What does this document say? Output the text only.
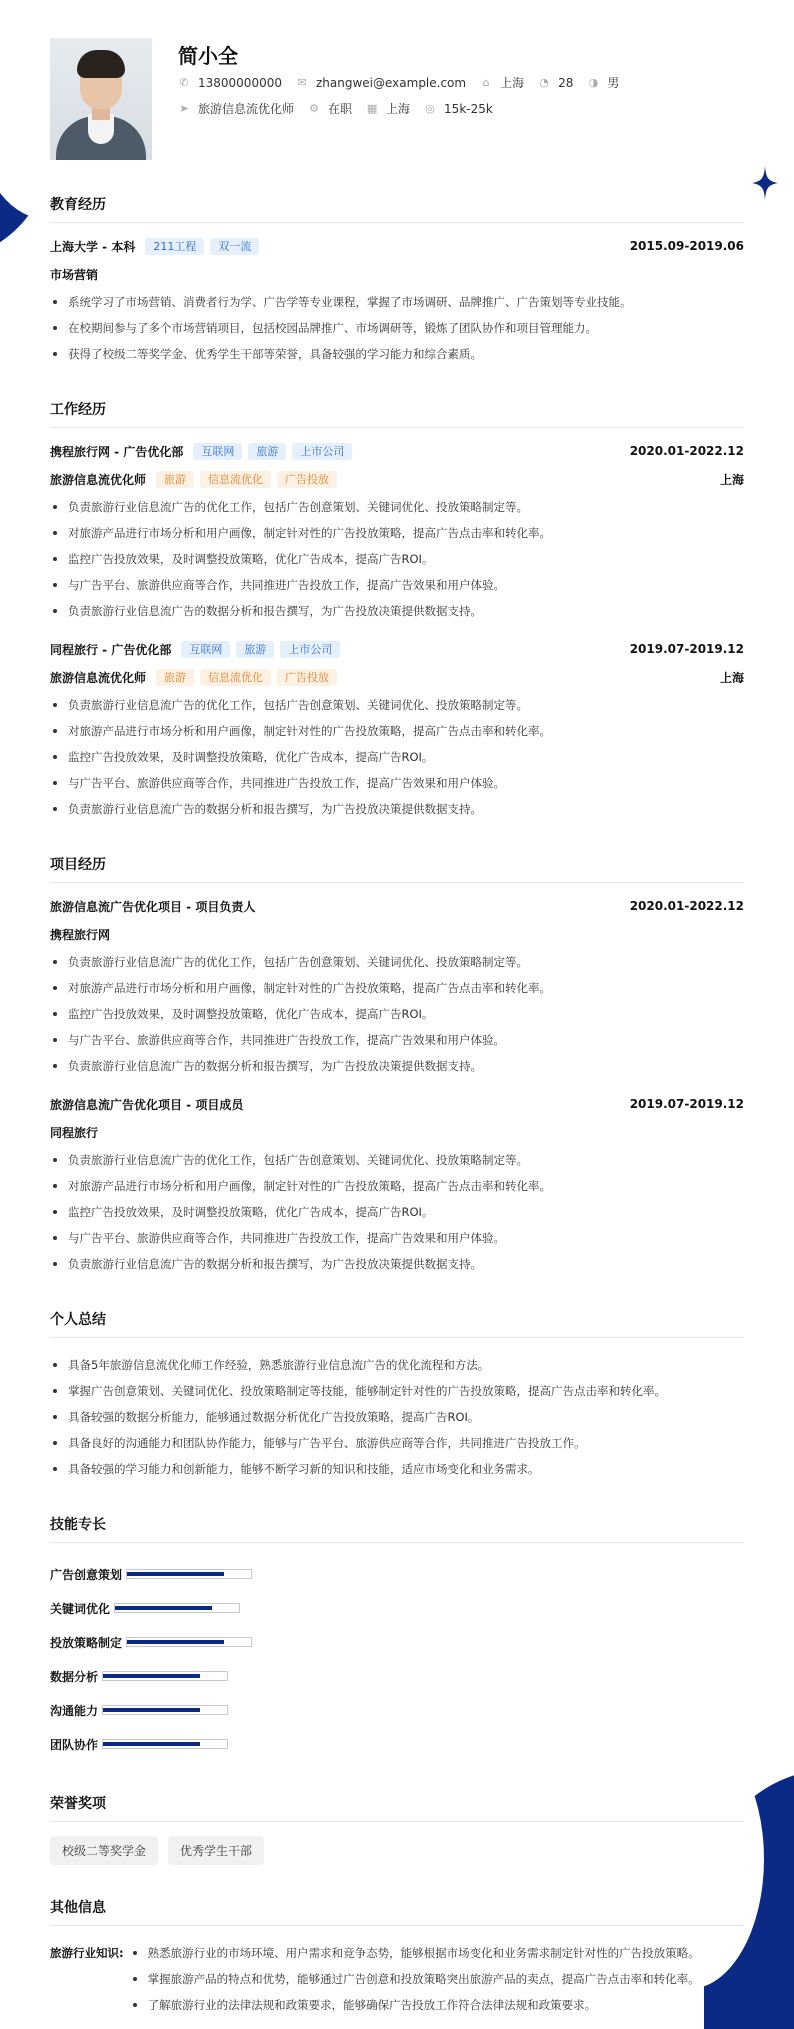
简小全
✆ 13800000000 ✉ zhangwei@example.com ⌂ 上海 ◔ 28 ◑ 男
➤ 旅游信息流优化师 ⚙ 在职 ▦ 上海 ◎ 15k-25k
教育经历
上海大学 - 本科	211工程	双一流	2015.09-2019.06
市场营销
系统学习了市场营销、消费者行为学、广告学等专业课程，掌握了市场调研、品牌推广、广告策划等专业技能。
在校期间参与了多个市场营销项目，包括校园品牌推广、市场调研等，锻炼了团队协作和项目管理能力。
获得了校级二等奖学金、优秀学生干部等荣誉，具备较强的学习能力和综合素质。
工作经历
携程旅行网 - 广告优化部	互联网	旅游	上市公司	2020.01-2022.12
旅游信息流优化师	旅游	信息流优化	广告投放	上海
负责旅游行业信息流广告的优化工作，包括广告创意策划、关键词优化、投放策略制定等。
对旅游产品进行市场分析和用户画像，制定针对性的广告投放策略，提高广告点击率和转化率。
监控广告投放效果，及时调整投放策略，优化广告成本，提高广告ROI。
与广告平台、旅游供应商等合作，共同推进广告投放工作，提高广告效果和用户体验。
负责旅游行业信息流广告的数据分析和报告撰写，为广告投放决策提供数据支持。
同程旅行 - 广告优化部	互联网	旅游	上市公司	2019.07-2019.12
旅游信息流优化师	旅游	信息流优化	广告投放	上海
负责旅游行业信息流广告的优化工作，包括广告创意策划、关键词优化、投放策略制定等。
对旅游产品进行市场分析和用户画像，制定针对性的广告投放策略，提高广告点击率和转化率。
监控广告投放效果，及时调整投放策略，优化广告成本，提高广告ROI。
与广告平台、旅游供应商等合作，共同推进广告投放工作，提高广告效果和用户体验。
负责旅游行业信息流广告的数据分析和报告撰写，为广告投放决策提供数据支持。
项目经历
旅游信息流广告优化项目 - 项目负责人	2020.01-2022.12
携程旅行网
负责旅游行业信息流广告的优化工作，包括广告创意策划、关键词优化、投放策略制定等。
对旅游产品进行市场分析和用户画像，制定针对性的广告投放策略，提高广告点击率和转化率。
监控广告投放效果，及时调整投放策略，优化广告成本，提高广告ROI。
与广告平台、旅游供应商等合作，共同推进广告投放工作，提高广告效果和用户体验。
负责旅游行业信息流广告的数据分析和报告撰写，为广告投放决策提供数据支持。
旅游信息流广告优化项目 - 项目成员	2019.07-2019.12
同程旅行
负责旅游行业信息流广告的优化工作，包括广告创意策划、关键词优化、投放策略制定等。
对旅游产品进行市场分析和用户画像，制定针对性的广告投放策略，提高广告点击率和转化率。
监控广告投放效果，及时调整投放策略，优化广告成本，提高广告ROI。
与广告平台、旅游供应商等合作，共同推进广告投放工作，提高广告效果和用户体验。
负责旅游行业信息流广告的数据分析和报告撰写，为广告投放决策提供数据支持。
个人总结
具备5年旅游信息流优化师工作经验，熟悉旅游行业信息流广告的优化流程和方法。
掌握广告创意策划、关键词优化、投放策略制定等技能，能够制定针对性的广告投放策略，提高广告点击率和转化率。
具备较强的数据分析能力，能够通过数据分析优化广告投放策略，提高广告ROI。
具备良好的沟通能力和团队协作能力，能够与广告平台、旅游供应商等合作，共同推进广告投放工作。
具备较强的学习能力和创新能力，能够不断学习新的知识和技能，适应市场变化和业务需求。
技能专长
广告创意策划
关键词优化
投放策略制定
数据分析
沟通能力
团队协作
荣誉奖项
校级二等奖学金	优秀学生干部
其他信息
旅游行业知识:	熟悉旅游行业的市场环境、用户需求和竞争态势，能够根据市场变化和业务需求制定针对性的广告投放策略。
掌握旅游产品的特点和优势，能够通过广告创意和投放策略突出旅游产品的卖点，提高广告点击率和转化率。
了解旅游行业的法律法规和政策要求，能够确保广告投放工作符合法律法规和政策要求。
